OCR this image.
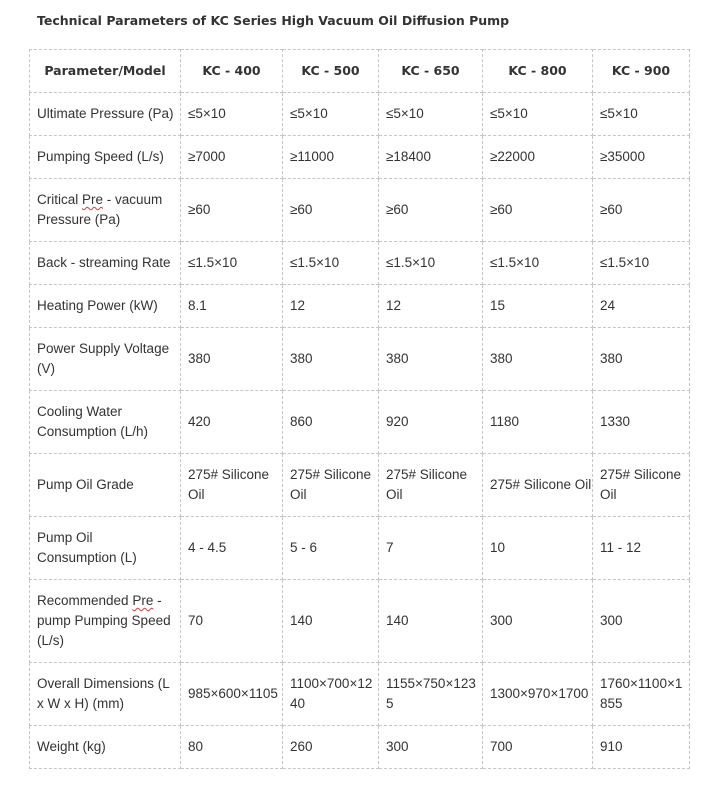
Technical Parameters of KC Series High Vacuum Oil Diffusion Pump
Parameter/Model	KC - 400	KC - 500	KC - 650	KC - 800	KC - 900
Ultimate Pressure (Pa)	≤5×10	≤5×10	≤5×10	≤5×10	≤5×10
Pumping Speed (L/s)	≥7000	≥11000	≥18400	≥22000	≥35000
Critical Pre - vacuum Pressure (Pa)	≥60	≥60	≥60	≥60	≥60
Back - streaming Rate	≤1.5×10	≤1.5×10	≤1.5×10	≤1.5×10	≤1.5×10
Heating Power (kW)	8.1	12	12	15	24
Power Supply Voltage (V)	380	380	380	380	380
Cooling Water Consumption (L/h)	420	860	920	1180	1330
Pump Oil Grade	275# Silicone Oil	275# Silicone Oil	275# Silicone Oil	275# Silicone Oil	275# Silicone Oil
Pump Oil Consumption (L)	4 - 4.5	5 - 6	7	10	11 - 12
Recommended Pre - pump Pumping Speed (L/s)	70	140	140	300	300
Overall Dimensions (L x W x H) (mm)	985×600×1105	1100×700×1240	1155×750×1235	1300×970×1700	1760×1100×1855
Weight (kg)	80	260	300	700	910
